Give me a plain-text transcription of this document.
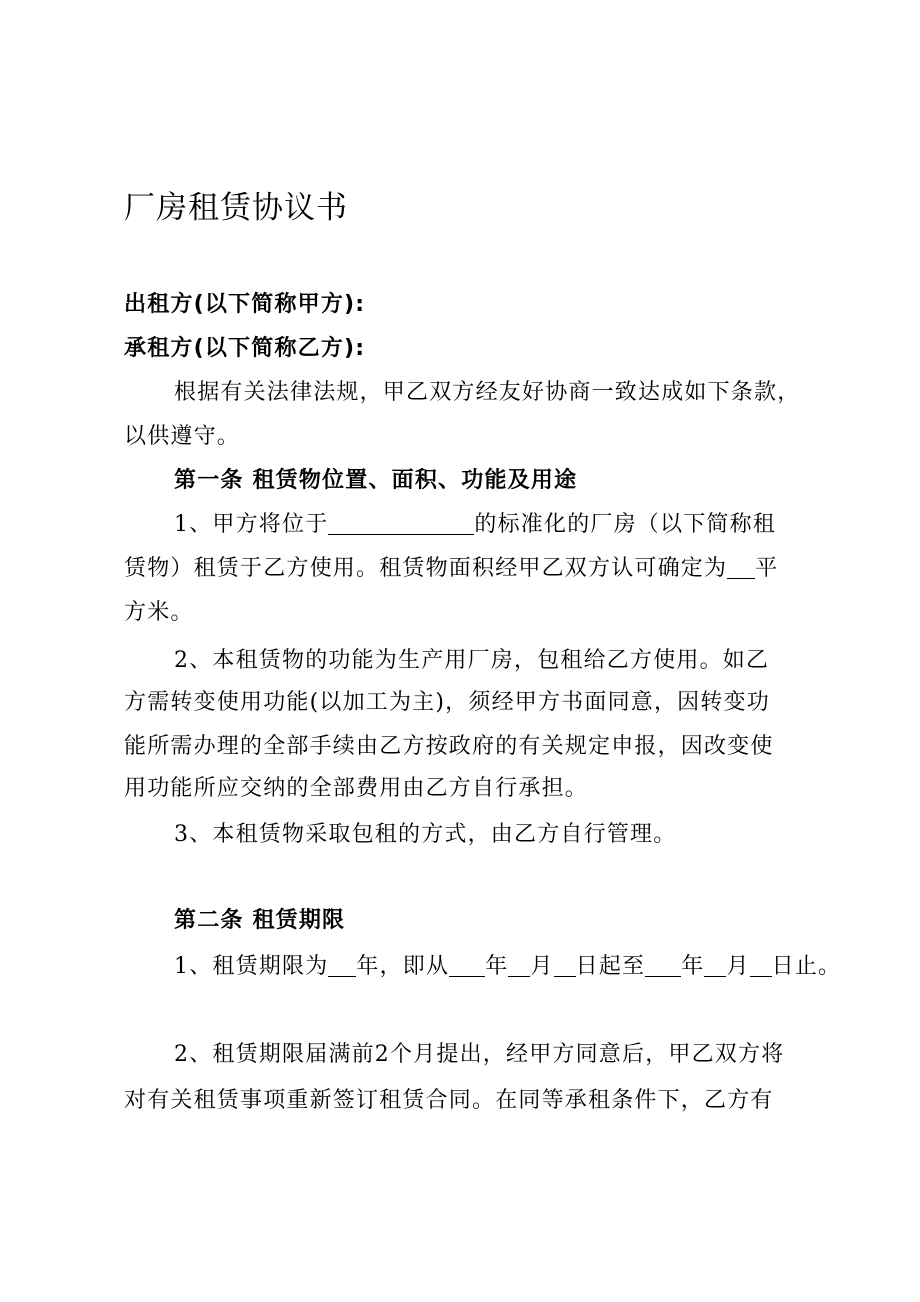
厂房租赁协议书
出租方(以下简称甲方):
承租方(以下简称乙方):
根据有关法律法规，甲乙双方经友好协商一致达成如下条款，
以供遵守。
第一条 租赁物位置、面积、功能及用途
1、甲方将位于	的标准化的厂房（以下简称租
赁物）租赁于乙方使用。租赁物面积经甲乙双方认可确定为 平
方米。
2、本租赁物的功能为生产用厂房，包租给乙方使用。如乙
方需转变使用功能(以加工为主)，须经甲方书面同意，因转变功
能所需办理的全部手续由乙方按政府的有关规定申报，因改变使
用功能所应交纳的全部费用由乙方自行承担。
3、本租赁物采取包租的方式，由乙方自行管理。
第二条 租赁期限
1、租赁期限为 年，即从 年 月 日起至 年 月 日止。
2、租赁期限届满前2个月提出，经甲方同意后，甲乙双方将
对有关租赁事项重新签订租赁合同。在同等承租条件下，乙方有
